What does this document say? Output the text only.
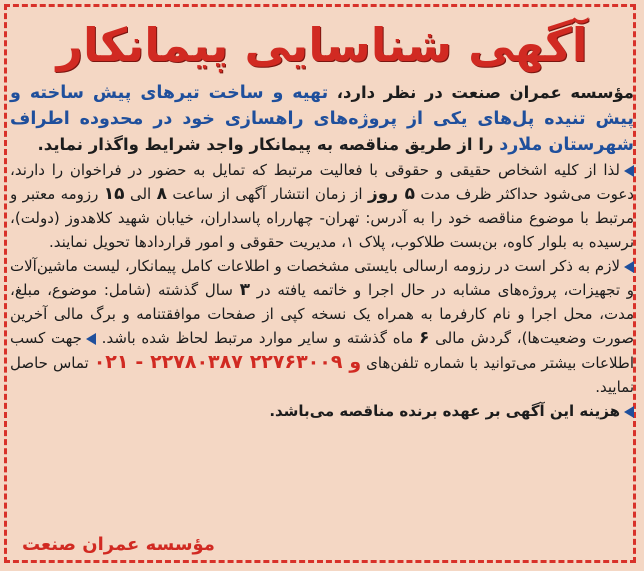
آگهی شناسایی پیمانکار
مؤسسه عمران صنعت در نظر دارد، تهیه و ساخت تیرهای پیش ساخته و پیش تنیده پل‌های یکی از پروژه‌های راهسازی خود در محدوده اطراف شهرستان ملارد را از طریق مناقصه به پیمانکار واجد شرایط واگذار نماید.

لذا از کلیه اشخاص حقیقی و حقوقی با فعالیت مرتبط که تمایل به حضور در فراخوان را دارند، دعوت می‌شود حداکثر ظرف مدت ۵ روز از زمان انتشار آگهی از ساعت ۸ الی ۱۵ رزومه معتبر و مرتبط با موضوع مناقصه خود را به آدرس: تهران- چهارراه پاسداران، خیابان شهید کلاهدوز (دولت)، نرسیده به بلوار کاوه، بن‌بست طلاکوب، پلاک ۱، مدیریت حقوقی و امور قراردادها تحویل نمایند.

لازم به ذکر است در رزومه ارسالی بایستی مشخصات و اطلاعات کامل پیمانکار، لیست ماشین‌آلات و تجهیزات، پروژه‌های مشابه در حال اجرا و خاتمه یافته در ۳ سال گذشته (شامل: موضوع، مبلغ، مدت، محل اجرا و نام کارفرما به همراه یک نسخه کپی از صفحات موافقتنامه و برگ مالی آخرین صورت وضعیت‌ها)، گردش مالی ۶ ماه گذشته و سایر موارد مرتبط لحاظ شده باشد. جهت کسب اطلاعات بیشتر می‌توانید با شماره تلفن‌های ۰۲۱ - ۲۲۷۸۰۳۸۷ و ۲۲۷۶۳۰۰۹ تماس حاصل نمایید.

هزینه این آگهی بر عهده برنده مناقصه می‌باشد.

مؤسسه عمران صنعت
